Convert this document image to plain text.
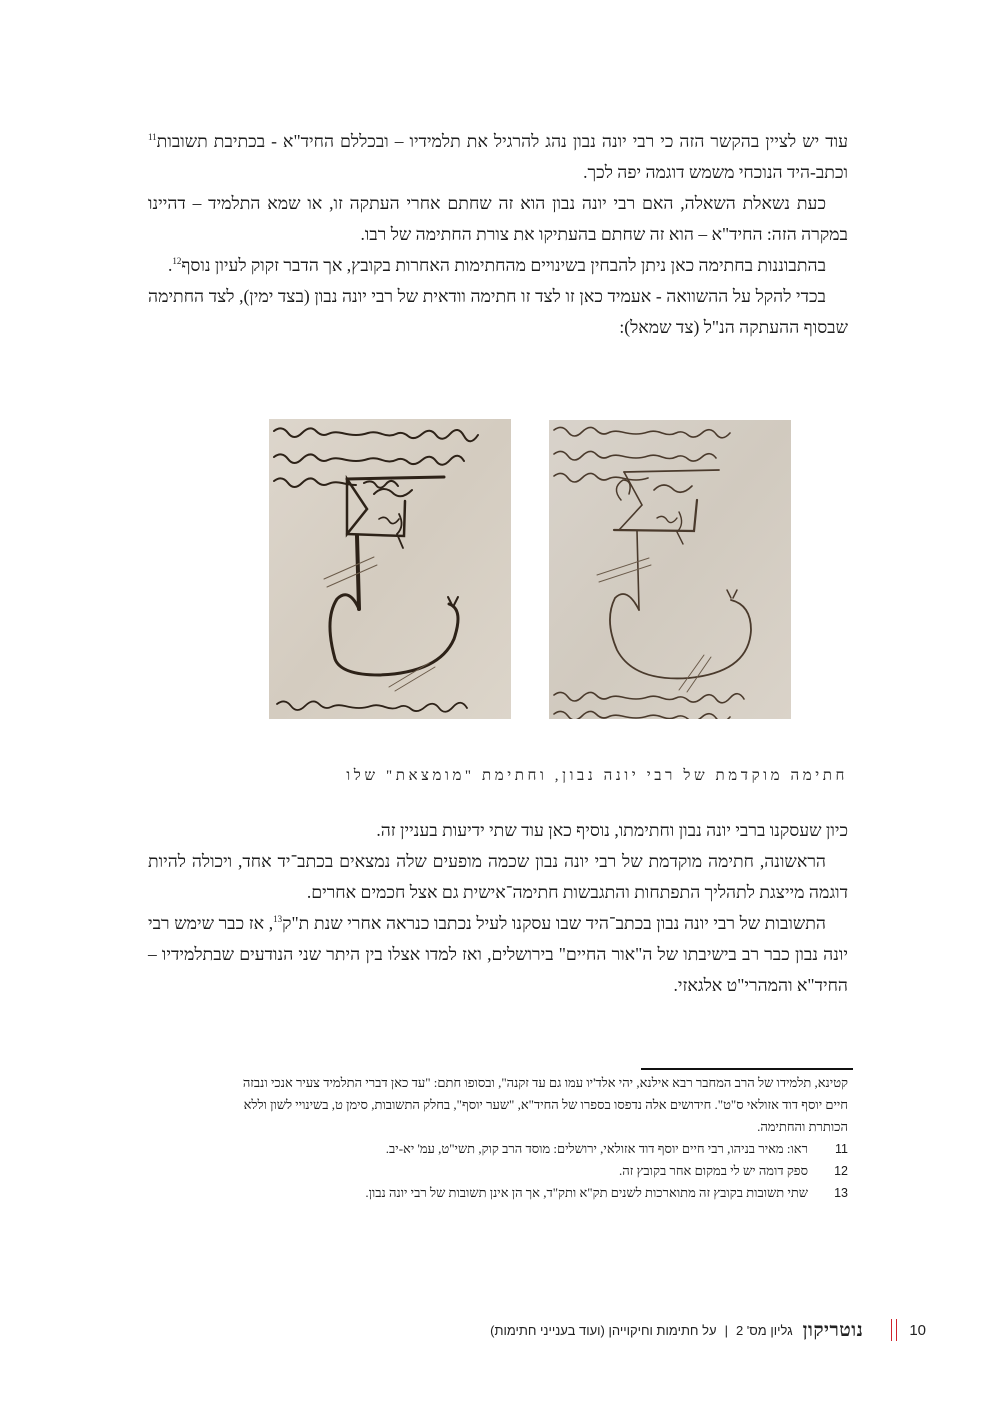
עוד יש לציין בהקשר הזה כי רבי יונה נבון נהג להרגיל את תלמידיו – ובכללם החיד"א - בכתיבת תשובות$^{11}$ וכתב-היד הנוכחי משמש דוגמה יפה לכך.

כעת נשאלת השאלה, האם רבי יונה נבון הוא זה שחתם אחרי העתקה זו, או שמא התלמיד – דהיינו במקרה הזה: החיד"א – הוא זה שחתם בהעתיקו את צורת החתימה של רבו.

בהתבוננות בחתימה כאן ניתן להבחין בשינויים מהחתימות האחרות בקובץ, אך הדבר זקוק לעיון נוסף$^{12}$.

בכדי להקל על ההשוואה - אעמיד כאן זו לצד זו חתימה וודאית של רבי יונה נבון (בצד ימין), לצד החתימה שבסוף ההעתקה הנ"ל (צד שמאל):

חתימה מוקדמת של רבי יונה נבון, וחתימת "מומצאת" שלו

כיון שעסקנו ברבי יונה נבון וחתימתו, נוסיף כאן עוד שתי ידיעות בעניין זה.

הראשונה, חתימה מוקדמת של רבי יונה נבון שכמה מופעים שלה נמצאים בכתב־יד אחד, ויכולה להיות דוגמה מייצגת לתהליך התפתחות והתגבשות חתימה־אישית גם אצל חכמים אחרים.

התשובות של רבי יונה נבון בכתב־היד שבו עסקנו לעיל נכתבו כנראה אחרי שנת ת"ק$^{13}$, אז כבר שימש רבי יונה נבון כבר רב בישיבתו של ה"אור החיים" בירושלים, ואז למדו אצלו בין היתר שני הנודעים שבתלמידיו – החיד"א והמהרי"ט אלגאזי.

קטינא, תלמידו של הרב המחבר רבא אילנא, יהי אלד'יו עמו גם עד זקנה", ובסופו חתם: "עד כאן דברי התלמיד צעיר אנכי ונבזה חיים יוסף דוד אזולאי ס"ט". חידושים אלה נדפסו בספרו של החיד"א, "שער יוסף", בחלק התשובות, סימן ט, בשינויי לשון וללא הכותרת והחתימה.

11
ראו: מאיר בניהו, רבי חיים יוסף דוד אזולאי, ירושלים: מוסד הרב קוק, תשי"ט, עמ' יא-יב.

12
ספק דומה יש לי במקום אחר בקובץ זה.

13
שתי תשובות בקובץ זה מתוארכות לשנים תק"א ותק"ד, אך הן אינן תשובות של רבי יונה נבון.

10
נוטריקון
גליון מס' 2
|
על חתימות וחיקוייהן (ועוד בענייני חתימות)
